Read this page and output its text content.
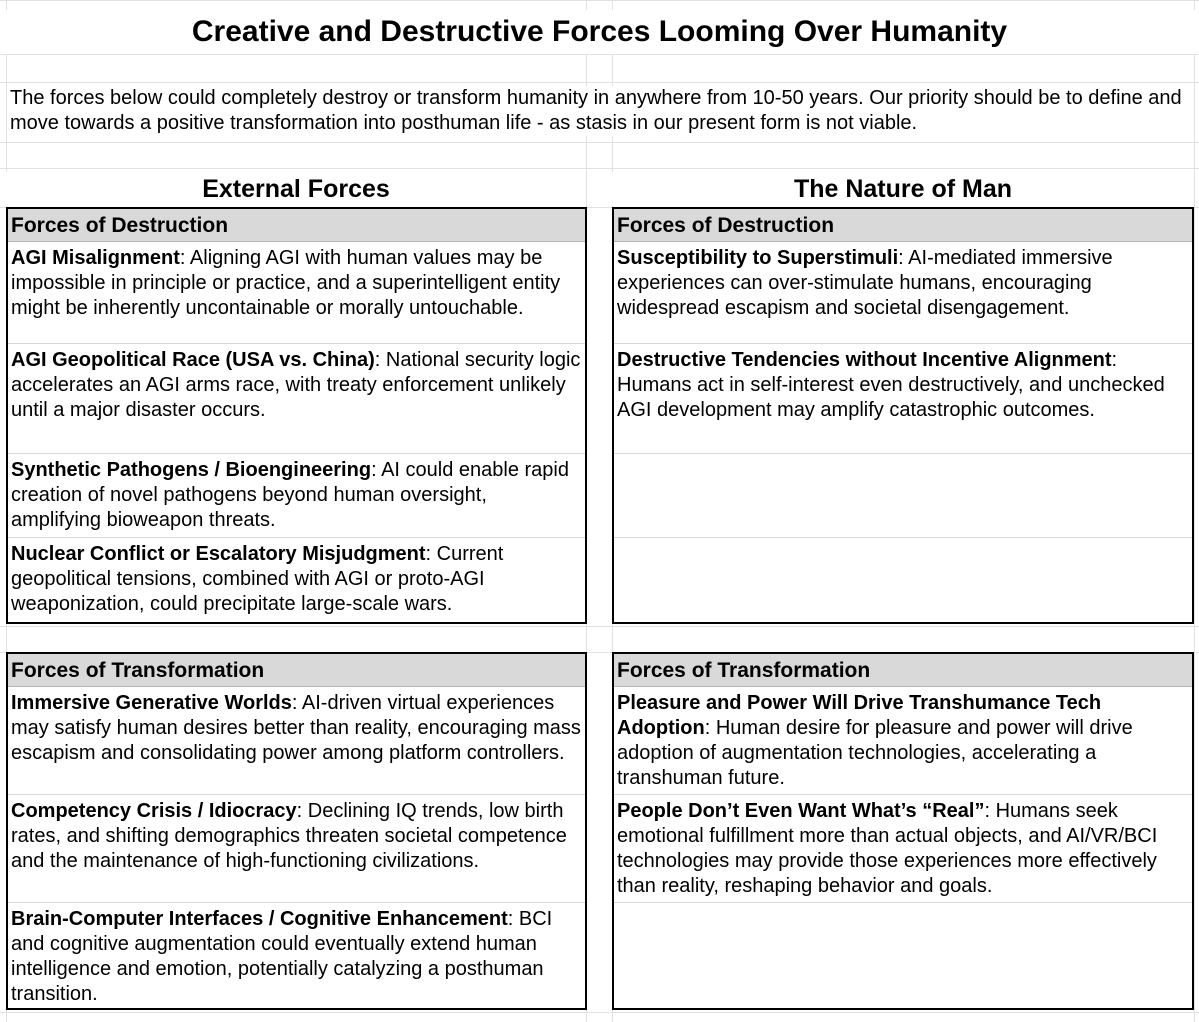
Creative and Destructive Forces Looming Over Humanity
The forces below could completely destroy or transform humanity in anywhere from 10-50 years. Our priority should be to define and move towards a positive transformation into posthuman life - as stasis in our present form is not viable.
External Forces	The Nature of Man
Forces of Destruction
AGI Misalignment: Aligning AGI with human values may be impossible in principle or practice, and a superintelligent entity might be inherently uncontainable or morally untouchable.
AGI Geopolitical Race (USA vs. China): National security logic accelerates an AGI arms race, with treaty enforcement unlikely until a major disaster occurs.
Synthetic Pathogens / Bioengineering: AI could enable rapid creation of novel pathogens beyond human oversight, amplifying bioweapon threats.
Nuclear Conflict or Escalatory Misjudgment: Current geopolitical tensions, combined with AGI or proto-AGI weaponization, could precipitate large-scale wars.
Forces of Destruction
Susceptibility to Superstimuli: AI-mediated immersive experiences can over-stimulate humans, encouraging widespread escapism and societal disengagement.
Destructive Tendencies without Incentive Alignment: Humans act in self-interest even destructively, and unchecked AGI development may amplify catastrophic outcomes.
Forces of Transformation
Immersive Generative Worlds: AI-driven virtual experiences may satisfy human desires better than reality, encouraging mass escapism and consolidating power among platform controllers.
Competency Crisis / Idiocracy: Declining IQ trends, low birth rates, and shifting demographics threaten societal competence and the maintenance of high-functioning civilizations.
Brain-Computer Interfaces / Cognitive Enhancement: BCI and cognitive augmentation could eventually extend human intelligence and emotion, potentially catalyzing a posthuman transition.
Forces of Transformation
Pleasure and Power Will Drive Transhumance Tech Adoption: Human desire for pleasure and power will drive adoption of augmentation technologies, accelerating a transhuman future.
People Don’t Even Want What’s “Real”: Humans seek emotional fulfillment more than actual objects, and AI/VR/BCI technologies may provide those experiences more effectively than reality, reshaping behavior and goals.
